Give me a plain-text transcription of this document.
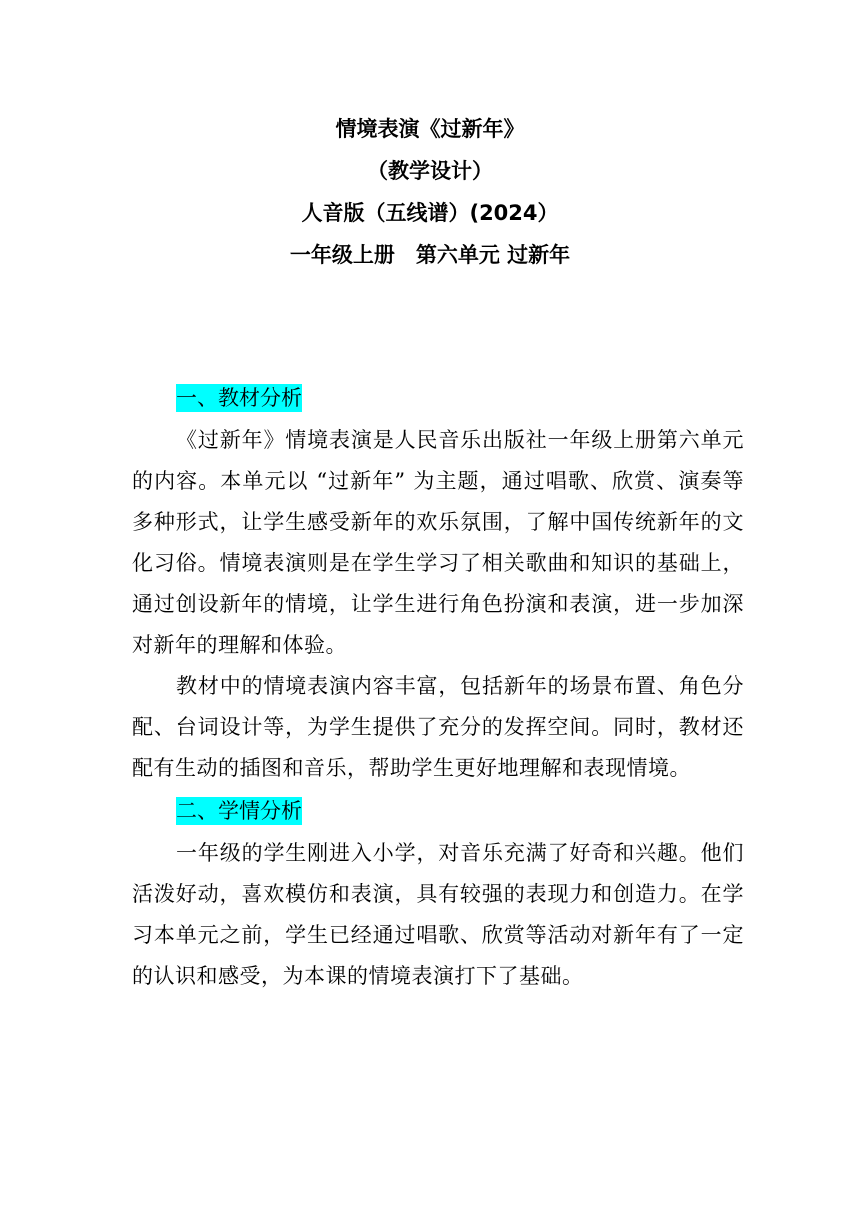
情境表演《过新年》
（教学设计）
人音版（五线谱）(2024）
一年级上册　第六单元 过新年
一、教材分析

《过新年》情境表演是人民音乐出版社一年级上册第六单元的内容。本单元以 “过新年” 为主题，通过唱歌、欣赏、演奏等多种形式，让学生感受新年的欢乐氛围，了解中国传统新年的文化习俗。情境表演则是在学生学习了相关歌曲和知识的基础上，通过创设新年的情境，让学生进行角色扮演和表演，进一步加深对新年的理解和体验。

教材中的情境表演内容丰富，包括新年的场景布置、角色分配、台词设计等，为学生提供了充分的发挥空间。同时，教材还配有生动的插图和音乐，帮助学生更好地理解和表现情境。

二、学情分析

一年级的学生刚进入小学，对音乐充满了好奇和兴趣。他们活泼好动，喜欢模仿和表演，具有较强的表现力和创造力。在学习本单元之前，学生已经通过唱歌、欣赏等活动对新年有了一定的认识和感受，为本课的情境表演打下了基础。
